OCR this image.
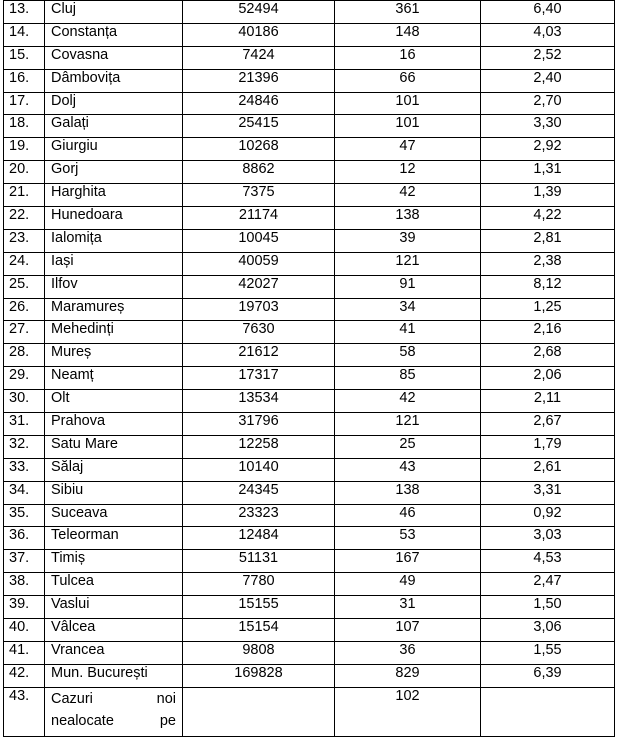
13.	Cluj	52494	361	6,40
14.	Constanța	40186	148	4,03
15.	Covasna	7424	16	2,52
16.	Dâmbovița	21396	66	2,40
17.	Dolj	24846	101	2,70
18.	Galați	25415	101	3,30
19.	Giurgiu	10268	47	2,92
20.	Gorj	8862	12	1,31
21.	Harghita	7375	42	1,39
22.	Hunedoara	21174	138	4,22
23.	Ialomița	10045	39	2,81
24.	Iași	40059	121	2,38
25.	Ilfov	42027	91	8,12
26.	Maramureș	19703	34	1,25
27.	Mehedinți	7630	41	2,16
28.	Mureș	21612	58	2,68
29.	Neamț	17317	85	2,06
30.	Olt	13534	42	2,11
31.	Prahova	31796	121	2,67
32.	Satu Mare	12258	25	1,79
33.	Sălaj	10140	43	2,61
34.	Sibiu	24345	138	3,31
35.	Suceava	23323	46	0,92
36.	Teleorman	12484	53	3,03
37.	Timiș	51131	167	4,53
38.	Tulcea	7780	49	2,47
39.	Vaslui	15155	31	1,50
40.	Vâlcea	15154	107	3,06
41.	Vrancea	9808	36	1,55
42.	Mun. București	169828	829	6,39
43.	Cazuri noi nealocate pe		102	
